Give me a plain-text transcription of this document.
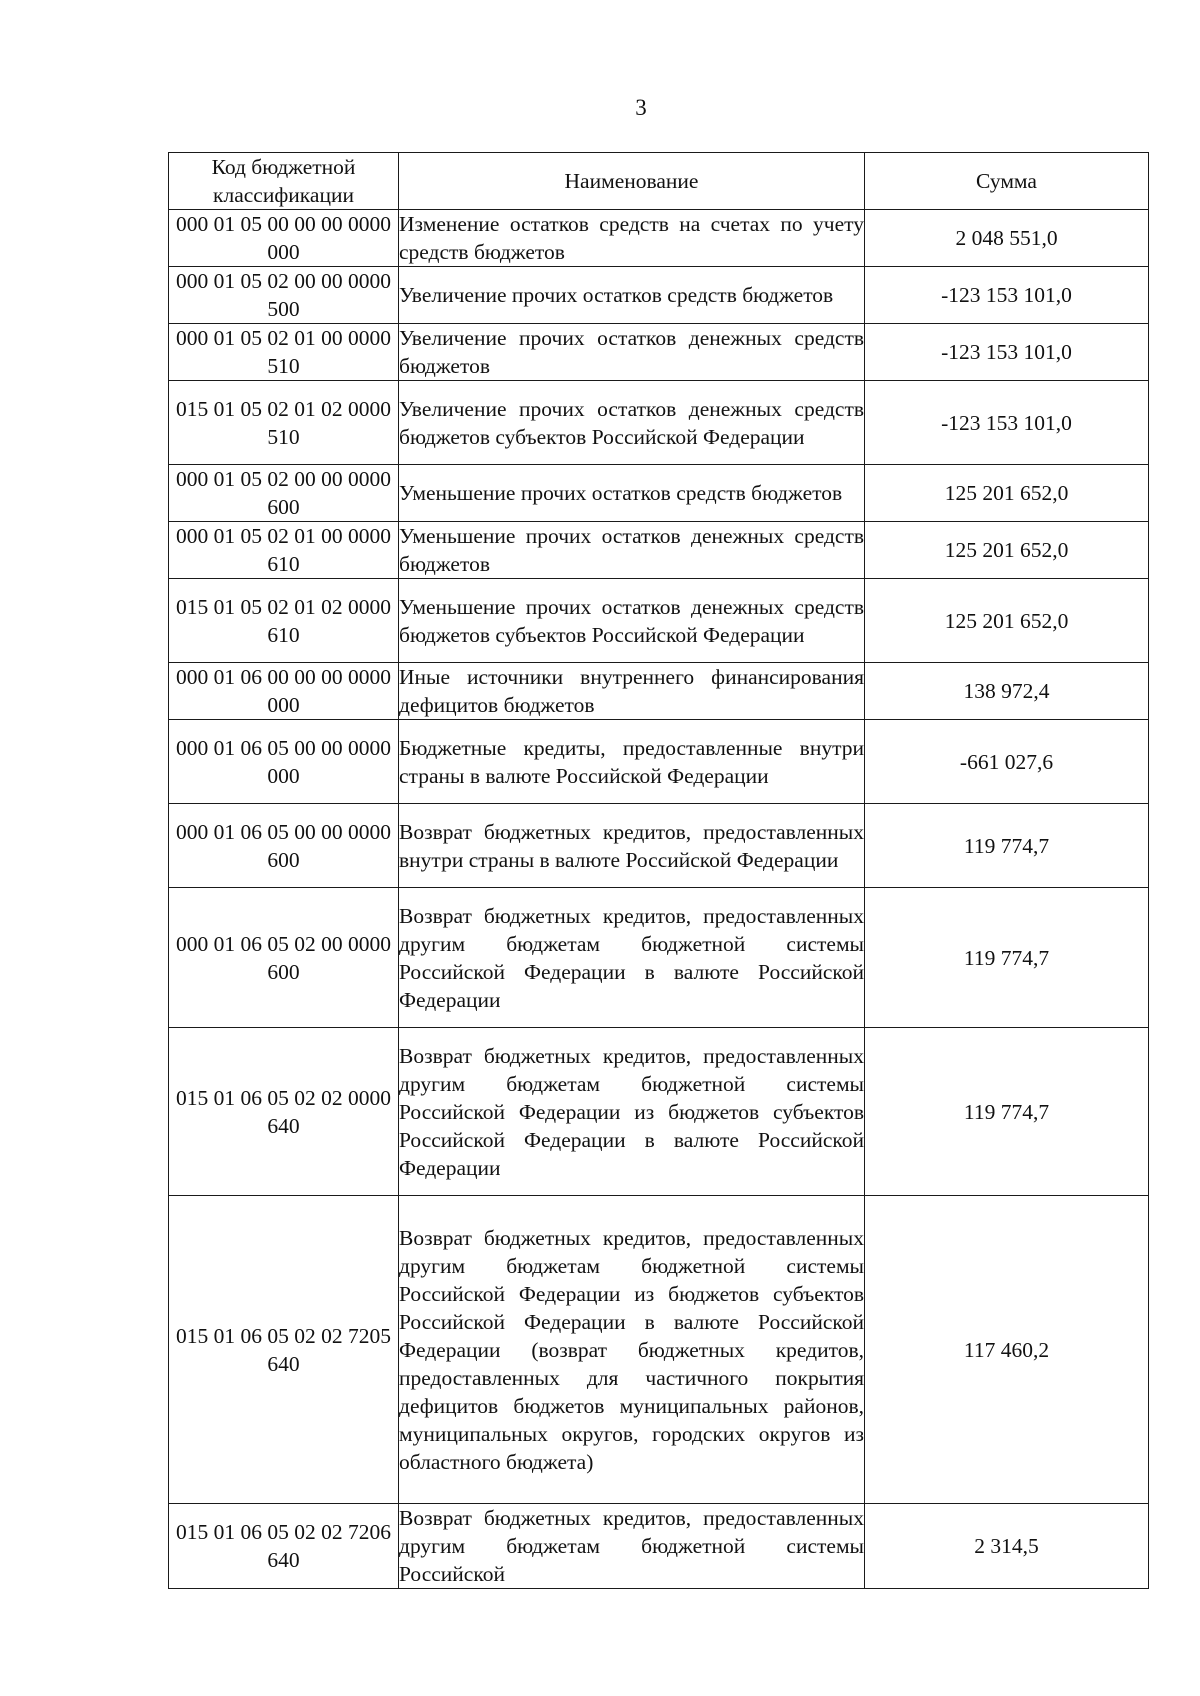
3
Код бюджетной классификации	Наименование	Сумма
000 01 05 00 00 00 0000 000	Изменение остатков средств на счетах по учету средств бюджетов	2 048 551,0
000 01 05 02 00 00 0000 500	Увеличение прочих остатков средств бюджетов	-123 153 101,0
000 01 05 02 01 00 0000 510	Увеличение прочих остатков денежных средств бюджетов	-123 153 101,0
015 01 05 02 01 02 0000 510	Увеличение прочих остатков денежных средств бюджетов субъектов Российской Федерации	-123 153 101,0
000 01 05 02 00 00 0000 600	Уменьшение прочих остатков средств бюджетов	125 201 652,0
000 01 05 02 01 00 0000 610	Уменьшение прочих остатков денежных средств бюджетов	125 201 652,0
015 01 05 02 01 02 0000 610	Уменьшение прочих остатков денежных средств бюджетов субъектов Российской Федерации	125 201 652,0
000 01 06 00 00 00 0000 000	Иные источники внутреннего финансирования дефицитов бюджетов	138 972,4
000 01 06 05 00 00 0000 000	Бюджетные кредиты, предоставленные внутри страны в валюте Российской Федерации	-661 027,6
000 01 06 05 00 00 0000 600	Возврат бюджетных кредитов, предоставленных внутри страны в валюте Российской Федерации	119 774,7
000 01 06 05 02 00 0000 600	Возврат бюджетных кредитов, предоставленных другим бюджетам бюджетной системы Российской Федерации в валюте Российской Федерации	119 774,7
015 01 06 05 02 02 0000 640	Возврат бюджетных кредитов, предоставленных другим бюджетам бюджетной системы Российской Федерации из бюджетов субъектов Российской Федерации в валюте Российской Федерации	119 774,7
015 01 06 05 02 02 7205 640	Возврат бюджетных кредитов, предоставленных другим бюджетам бюджетной системы Российской Федерации из бюджетов субъектов Российской Федерации в валюте Российской Федерации (возврат бюджетных кредитов, предоставленных для частичного покрытия дефицитов бюджетов муниципальных районов, муниципальных округов, городских округов из областного бюджета)	117 460,2
015 01 06 05 02 02 7206 640	Возврат бюджетных кредитов, предоставленных другим бюджетам бюджетной системы Российской	2 314,5
